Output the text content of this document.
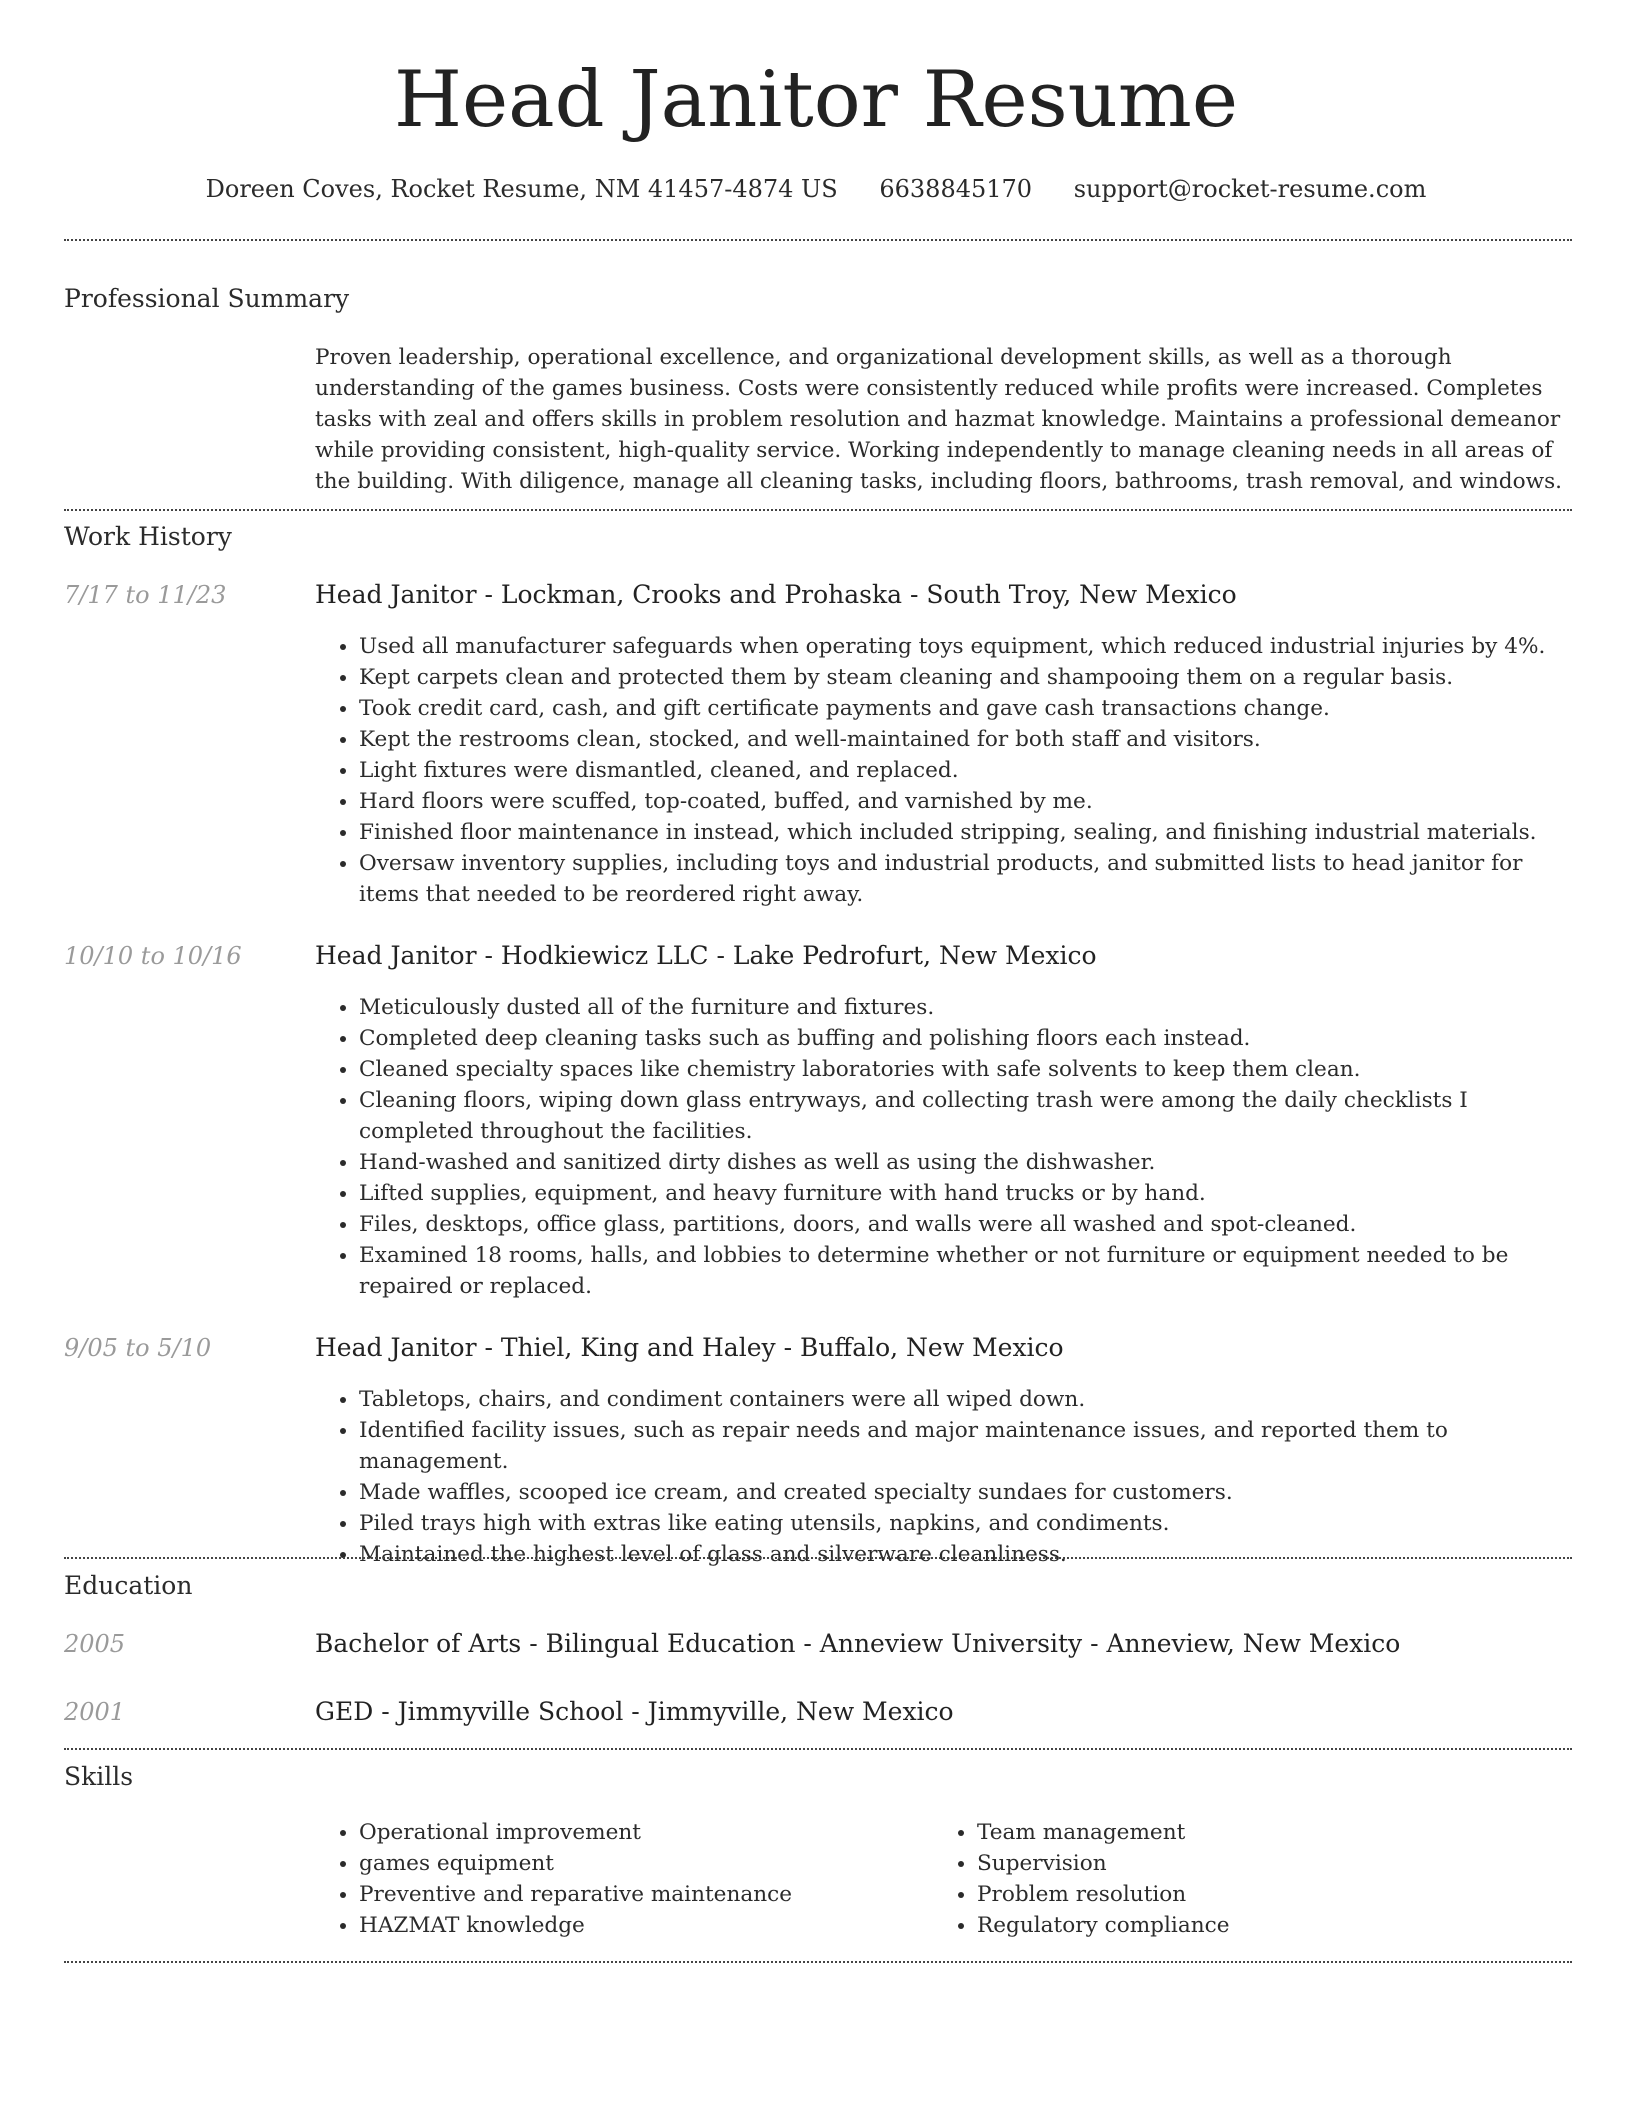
Head Janitor Resume
Doreen Coves, Rocket Resume, NM 41457-4874 US 6638845170 support@rocket-resume.com
Professional Summary

Proven leadership, operational excellence, and organizational development skills, as well as a thorough understanding of the games business. Costs were consistently reduced while profits were increased. Completes tasks with zeal and offers skills in problem resolution and hazmat knowledge. Maintains a professional demeanor while providing consistent, high-quality service. Working independently to manage cleaning needs in all areas of the building. With diligence, manage all cleaning tasks, including floors, bathrooms, trash removal, and windows.

Work History
7/17 to 11/23	Head Janitor - Lockman, Crooks and Prohaska - South Troy, New Mexico
• Used all manufacturer safeguards when operating toys equipment, which reduced industrial injuries by 4%.
• Kept carpets clean and protected them by steam cleaning and shampooing them on a regular basis.
• Took credit card, cash, and gift certificate payments and gave cash transactions change.
• Kept the restrooms clean, stocked, and well-maintained for both staff and visitors.
• Light fixtures were dismantled, cleaned, and replaced.
• Hard floors were scuffed, top-coated, buffed, and varnished by me.
• Finished floor maintenance in instead, which included stripping, sealing, and finishing industrial materials.
• Oversaw inventory supplies, including toys and industrial products, and submitted lists to head janitor for items that needed to be reordered right away.
10/10 to 10/16	Head Janitor - Hodkiewicz LLC - Lake Pedrofurt, New Mexico
• Meticulously dusted all of the furniture and fixtures.
• Completed deep cleaning tasks such as buffing and polishing floors each instead.
• Cleaned specialty spaces like chemistry laboratories with safe solvents to keep them clean.
• Cleaning floors, wiping down glass entryways, and collecting trash were among the daily checklists I completed throughout the facilities.
• Hand-washed and sanitized dirty dishes as well as using the dishwasher.
• Lifted supplies, equipment, and heavy furniture with hand trucks or by hand.
• Files, desktops, office glass, partitions, doors, and walls were all washed and spot-cleaned.
• Examined 18 rooms, halls, and lobbies to determine whether or not furniture or equipment needed to be repaired or replaced.
9/05 to 5/10	Head Janitor - Thiel, King and Haley - Buffalo, New Mexico
• Tabletops, chairs, and condiment containers were all wiped down.
• Identified facility issues, such as repair needs and major maintenance issues, and reported them to management.
• Made waffles, scooped ice cream, and created specialty sundaes for customers.
• Piled trays high with extras like eating utensils, napkins, and condiments.
• Maintained the highest level of glass and silverware cleanliness.
Education
2005	Bachelor of Arts - Bilingual Education - Anneview University - Anneview, New Mexico
2001	GED - Jimmyville School - Jimmyville, New Mexico
Skills
• Operational improvement
• games equipment
• Preventive and reparative maintenance
• HAZMAT knowledge
• Team management
• Supervision
• Problem resolution
• Regulatory compliance
